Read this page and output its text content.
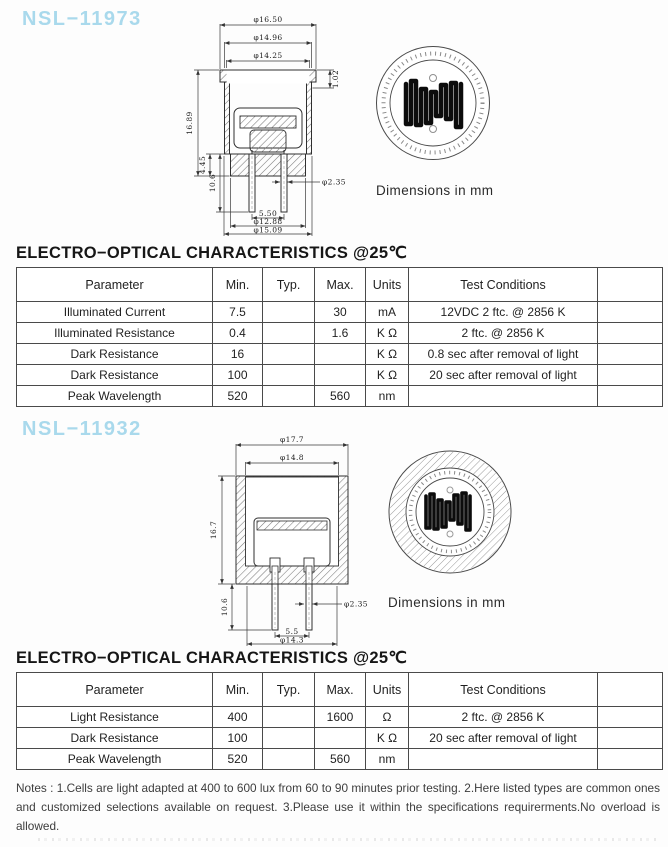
NSL−11973	φ16.50
φ14.96
φ14.25
1.02
16.89
4.45
10.6	φ2.35
5.50
φ12.88
φ15.09
Dimensions in mm
ELECTRO−OPTICAL CHARACTERISTICS @25℃
Parameter	Min.	Typ.	Max.	Units	Test Conditions	
Illuminated Current	7.5		30	mA	12VDC 2 ftc. @ 2856 K	
Illuminated Resistance	0.4		1.6	K Ω	2 ftc. @ 2856 K	
Dark Resistance	16			K Ω	0.8 sec after removal of light	
Dark Resistance	100			K Ω	20 sec after removal of light	
Peak Wavelength	520		560	nm		
NSL−11932	φ17.7
φ14.8
16.7
10.6	φ2.35
5.5
φ14.3
Dimensions in mm
ELECTRO−OPTICAL CHARACTERISTICS @25℃
Parameter	Min.	Typ.	Max.	Units	Test Conditions	
Light Resistance	400		1600	Ω	2 ftc. @ 2856 K	
Dark Resistance	100			K Ω	20 sec after removal of light	
Peak Wavelength	520		560	nm		
Notes : 1.Cells are light adapted at 400 to 600 lux from 60 to 90 minutes prior testing. 2.Here listed types are common ones and customized selections available on request. 3.Please use it within the specifications requirerments.No overload is allowed.
